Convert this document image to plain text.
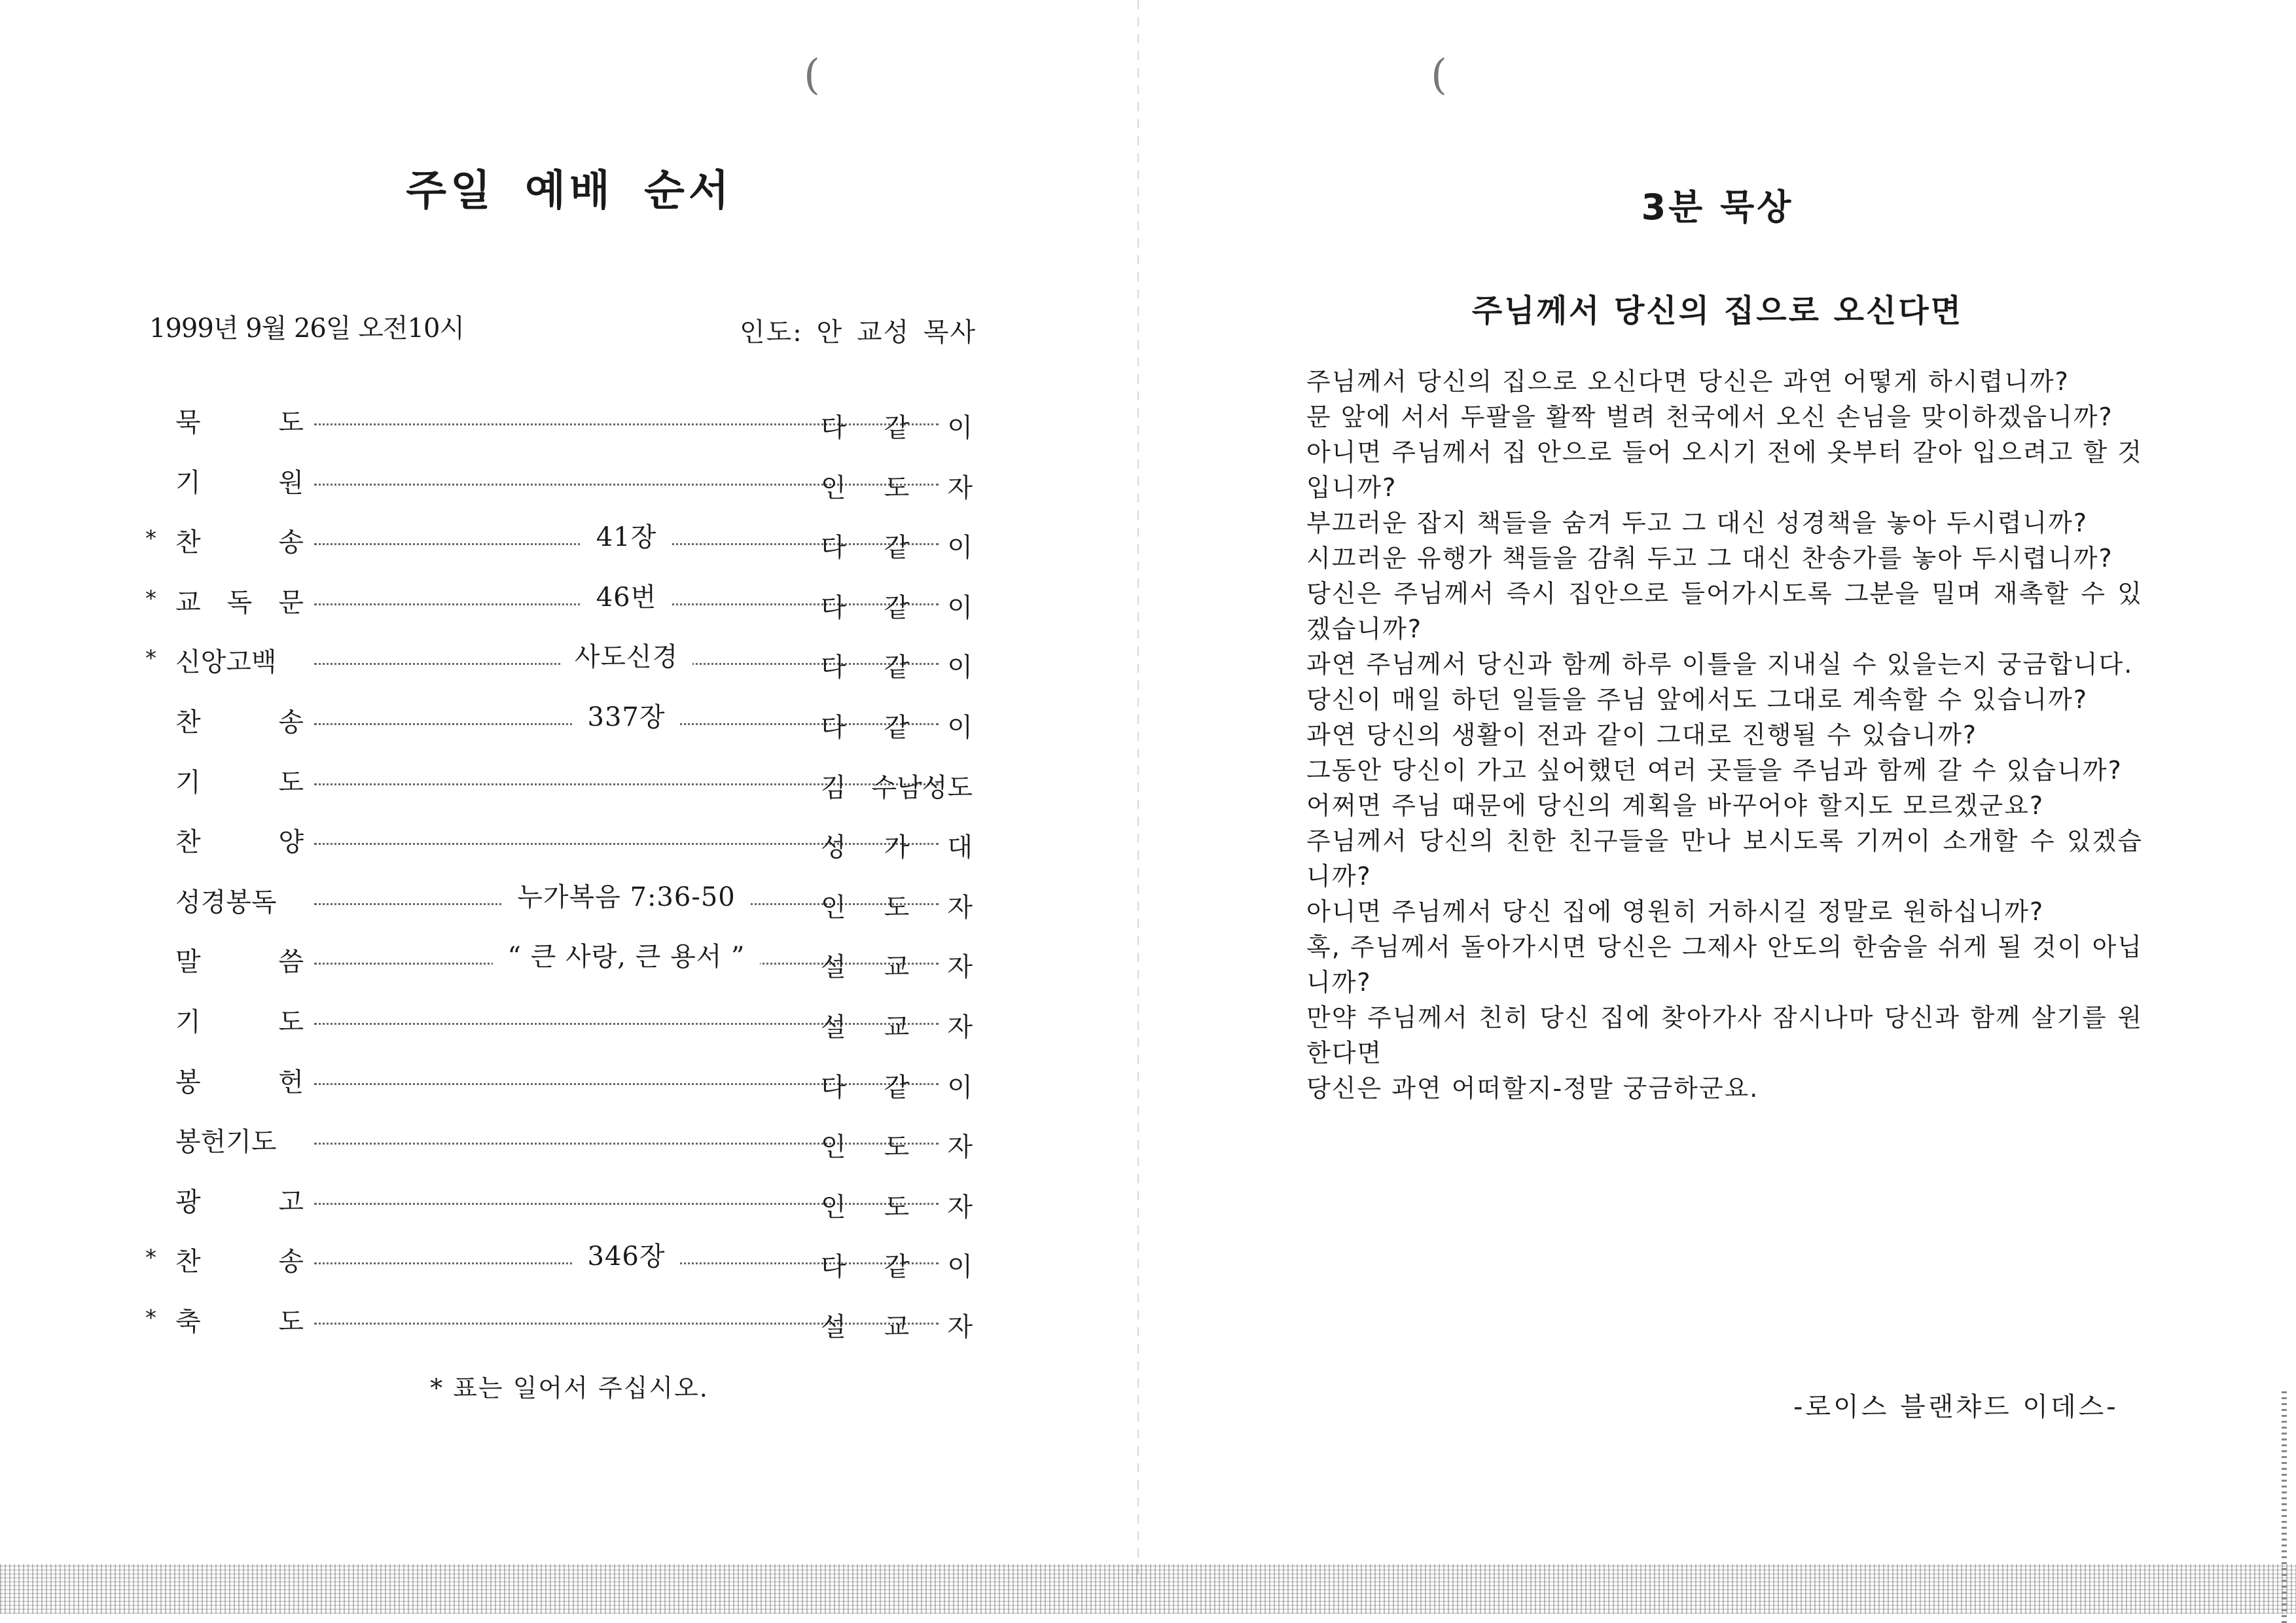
(	(
주일 예배 순서
1999년 9월 26일 오전10시	인도: 안 교성 목사
묵 도	다 같 이
기 원	인 도 자
* 찬 송	41장	다 같 이
* 교 독 문	46번	다 같 이
* 신앙고백	사도신경	다 같 이
찬 송	337장	다 같 이
기 도	김 수남성도
찬 양	성 가 대
성경봉독	누가복음 7:36-50	인 도 자
말 씀	“ 큰 사랑, 큰 용서 ”	설 교 자
기 도	설 교 자
봉 헌	다 같 이
봉헌기도	인 도 자
광 고	인 도 자
* 찬 송	346장	다 같 이
* 축 도	설 교 자
* 표는 일어서 주십시오.
3분 묵상
주님께서 당신의 집으로 오신다면

주님께서 당신의 집으로 오신다면 당신은 과연 어떻게 하시렵니까?

문 앞에 서서 두팔을 활짝 벌려 천국에서 오신 손님을 맞이하겠읍니까?

아니면 주님께서 집 안으로 들어 오시기 전에 옷부터 갈아 입으려고 할 것입니까?

부끄러운 잡지 책들을 숨겨 두고 그 대신 성경책을 놓아 두시렵니까?

시끄러운 유행가 책들을 감춰 두고 그 대신 찬송가를 놓아 두시렵니까?

당신은 주님께서 즉시 집안으로 들어가시도록 그분을 밀며 재촉할 수 있겠습니까?

과연 주님께서 당신과 함께 하루 이틀을 지내실 수 있을는지 궁금합니다.

당신이 매일 하던 일들을 주님 앞에서도 그대로 계속할 수 있습니까?

과연 당신의 생활이 전과 같이 그대로 진행될 수 있습니까?

그동안 당신이 가고 싶어했던 여러 곳들을 주님과 함께 갈 수 있습니까?

어쩌면 주님 때문에 당신의 계획을 바꾸어야 할지도 모르겠군요?

주님께서 당신의 친한 친구들을 만나 보시도록 기꺼이 소개할 수 있겠습니까?

아니면 주님께서 당신 집에 영원히 거하시길 정말로 원하십니까?

혹, 주님께서 돌아가시면 당신은 그제사 안도의 한숨을 쉬게 될 것이 아닙니까?

만약 주님께서 친히 당신 집에 찾아가사 잠시나마 당신과 함께 살기를 원한다면

당신은 과연 어떠할지-정말 궁금하군요.

-로이스 블랜챠드 이데스-
